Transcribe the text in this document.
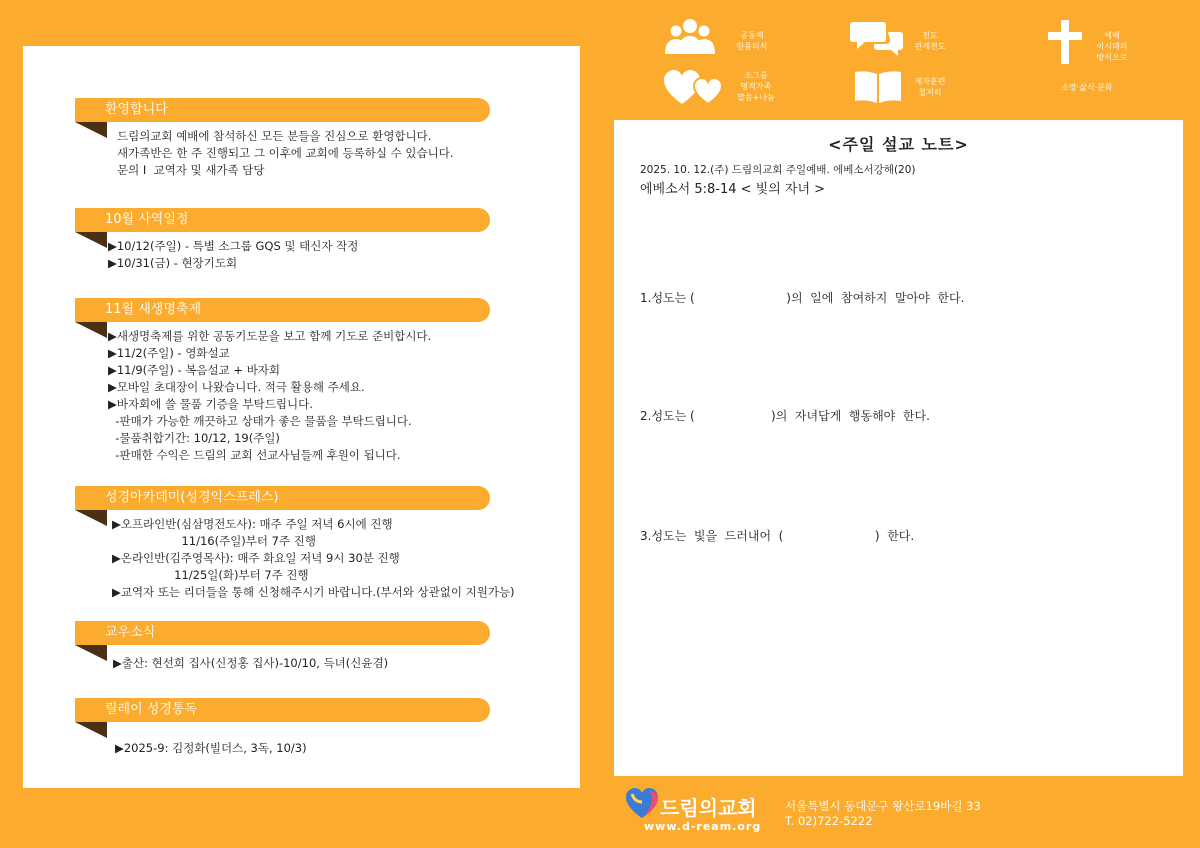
환영합니다
드림의교회 예배에 참석하신 모든 분들을 진심으로 환영합니다.
새가족반은 한 주 진행되고 그 이후에 교회에 등록하실 수 있습니다.
문의 I  교역자 및 새가족 담당
10월 사역일정
▶10/12(주일) - 특별 소그룹 GQS 및 태신자 작정
▶10/31(금) - 현장기도회
11월 새생명축제
▶새생명축제를 위한 공동기도문을 보고 함께 기도로 준비합시다.
▶11/2(주일) - 영화설교
▶11/9(주일) - 복음설교 + 바자회
▶모바일 초대장이 나왔습니다. 적극 활용해 주세요.
▶바자회에 쓸 물품 기증을 부탁드립니다.
-판매가 가능한 깨끗하고 상태가 좋은 물품을 부탁드립니다.
-물품취합기간: 10/12, 19(주일)
-판매한 수익은 드림의 교회 선교사님들께 후원이 됩니다.
성경아카데미(성경익스프레스)
▶오프라인반(심삼명전도사): 매주 주일 저녁 6시에 진행
11/16(주일)부터 7주 진행
▶온라인반(김주영목사): 매주 화요일 저녁 9시 30분 진행
11/25일(화)부터 7주 진행
▶교역자 또는 리더들을 통해 신청해주시기 바랍니다.(부서와 상관없이 지원가능)
교우소식
▶출산: 현선희 집사(신정홍 집사)-10/10, 득녀(신윤겸)
릴레이 성경통독
▶2025-9: 김정화(빌더스, 3독, 10/3)
공동체
한몸의식
전도
관계전도
예배
이시대의
방식으로
소그룹
영적가족
말씀+나눔
제자훈련
철저히
소망·삶식·문화
<주일 설교 노트>
2025. 10. 12.(주) 드림의교회 주일예배. 에베소서강해(20)
에베소서 5:8-14 < 빛의 자녀 >
1.성도는 (                        )의  일에  참여하지  말아야  한다.
2.성도는 (                    )의  자녀답게  행동해야  한다.
3.성도는  빛을  드러내어  (                        )  한다.
드림의교회
www.d-ream.org
서울특별시 동대문구 왕산로19바길 33
T. 02)722-5222
